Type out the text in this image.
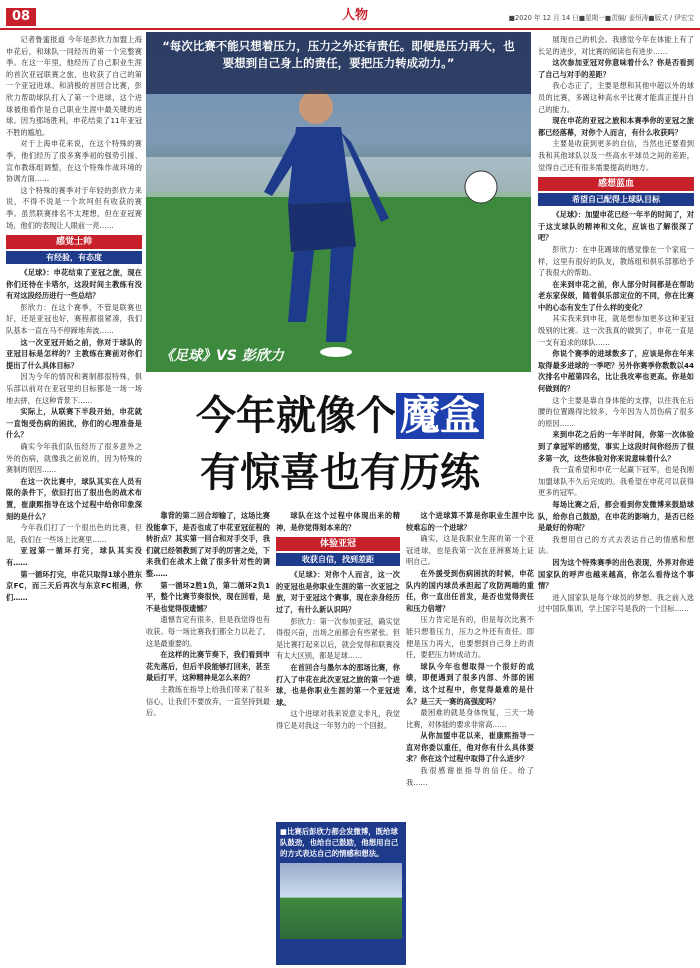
08	人物	■2020 年 12 月 14 日■星期一■责编/ 姜恒涛■版式 / 伊宏宝

记者鲁蜜报道 今年是彭欣力加盟上海申花后，和球队一同经历的第一个完整赛季。在这一年里，他经历了自己职业生涯的首次亚冠联赛之旅，也收获了自己的第一个亚冠进球。和消极的首回合比赛，彭欣力帮助球队打入了第一个进球，这个进球被他看作是自己职业生涯中最关键的进球。因为那场胜利，申花结束了11年亚冠不胜的尴尬。

对于上海申花来说，在这个特殊的赛季，他们经历了很多赛季初的强势引援、宣布教练组调整，在这个特殊作战环境的协调方面……

这个特殊的赛季对于年轻的彭欣力来说，不得不说是一个坎坷但有收获的赛季。虽然联赛排名不太理想，但在亚冠赛场，他们的表现让人眼前一亮……

感觉士帅
有经验，有态度

《足球》：申花结束了亚冠之旅，现在你们还待在卡塔尔，这段时间主教练有没有对这段经历进行一些总结？

彭欣力：在这个赛季，不管是联赛也好，还是亚冠也好，赛程都很紧凑，我们队基本一直在马不停蹄地奔波……

这一次亚冠开始之前，你对于球队的亚冠目标是怎样的？主教练在赛前对你们提出了什么具体目标？

因为今年的情况和赛制都很特殊，俱乐部以前对在亚冠里的目标都是一场一场地去拼，在这种背景下……

实际上，从联赛下半段开始，申花就一直饱受伤病的困扰，你们的心理准备是什么？

确实今年我们队伍经历了很多意外之外的伤病，就像我之前说的，因为特殊的赛制的原因……

在这一次比赛中，球队其实在人员有限的条件下，依旧打出了很出色的战术布置，崔康熙指导在这个过程中给你印象深刻的是什么？

今年我们打了一个很出色的比赛，但是，我们在一些场上比赛里……

亚冠第一循环打完，球队其实没有……

第一循环打完，申花只取得1球小胜东京FC，而三天后再次与东京FC相遇，你们……

“每次比赛不能只想着压力，压力之外还有责任。即便是压力再大，也要想到自己身上的责任，要把压力转成动力。”
《足球》VS 彭欣力
今年就像个 魔盒
有惊喜也有历练

靠背的第二回合却输了，这场比赛没能拿下，是否也成了申花亚冠征程的转折点？其实第一回合和对手交手，我们就已经领教到了对手的厉害之处，下来我们在战术上做了很多针对性的调整……

第一循环2胜1负，第二循环2负1平，整个比赛节奏很快，现在回看，是不是也觉得很遗憾？

遗憾肯定有很多，但是我觉得也有收获。每一场比赛我们都全力以赴了，这是最重要的。

在这样的比赛节奏下，我们看到申花先落后，但后半段能够打回来，甚至最后打平，这种精神是怎么来的？

主教练在指导上给我们带来了很多信心，让我们不要放弃，一直坚持到最后。

球队在这个过程中体现出来的精神，是你觉得刻本来的？

体验亚冠
收获自信，找到差距

《足球》：对你个人而言，这一次的亚冠也是你职业生涯的第一次亚冠之旅，对于亚冠这个赛事，现在亲身经历过了，有什么新认识吗？

彭欣力：第一次参加亚冠，确实觉得很兴奋，出场之前都会有些紧张。但是比赛打起来以后，就会觉得和联赛没有太大区别，都是足球……

在首回合与墨尔本的那场比赛，你打入了申花在此次亚冠之旅的第一个进球，也是你职业生涯的第一个亚冠进球。

这个进球对我来说意义非凡，我觉得它是对我这一年努力的一个回报。

■比赛后彭欣力都会发微博，既给球队鼓劲，也给自己鼓励，他想用自己的方式表达自己的情感和想法。

这个进球算不算是你职业生涯中比较难忘的一个进球？

确实，这是我职业生涯的第一个亚冠进球，也是我第一次在亚洲赛场上证明自己。

在外援受到伤病困扰的时候，申花队内的国内球员承担起了攻防两端的重任，你一直出任首发，是否也觉得责任和压力倍增？

压力肯定是有的，但是每次比赛不能只想着压力，压力之外还有责任。即便是压力再大，也要想到自己身上的责任，要把压力转成动力。

球队今年也想取得一个很好的成绩，即便遇到了很多内部、外部的困难，这个过程中，你觉得最难的是什么？是三天一赛的高强度吗？

最困难的就是身体恢复，三天一场比赛，对体能的要求非常高……

从你加盟申花以来，崔康熙指导一直对你委以重任，他对你有什么具体要求？你在这个过程中取得了什么进步？

我很感谢崔指导的信任。给了我……

展现自己的机会。我感觉今年在体能上有了长足的进步，对比赛的阅读也有进步……

这次参加亚冠对你意味着什么？你是否看到了自己与对手的差距？

我心态正了，主要是想和其他中超以外的球员的比赛，多踢这种高水平比赛才能真正提升自己的能力。

现在申花的亚冠之旅和本赛季你的亚冠之旅都已经落幕，对你个人而言，有什么收获吗？

主要是收获到更多的自信，当然也还要看到我和其他球队以及一些高水平球员之间的差距，觉得自己还有很多需要提高的地方。

感想蓝血
希望自己配得上球队目标

《足球》：加盟申花已经一年半的时间了，对于这支球队的精神和文化，应该也了解很深了吧？

彭欣力：在申花踢球的感觉像在一个家庭一样，这里有很好的队友，教练组和俱乐部都给予了我很大的帮助。

在来到申花之前，你人部分时间都是在帮助老东家保级，随着俱乐部定位的不同，你在比赛中的心态有发生了什么样的变化？

其实我来到申花，就是想参加更多这种亚冠级别的比赛。这一次我真的做到了，申花一直是一支有追求的球队……

你说个赛季的进球数多了，应该是你在年来取得最多进球的一季吧？另外你赛季你数数以44次排名中超第四名，比让我攻率也更高。你是如何做到的？

这个主要是靠自身体能的支撑，以往我在后腰的位置踢得比较多，今年因为人员伤病了很多的原因……

来到申花之后的一年半时间，你第一次体验到了拿冠军的感觉，事实上这段时间你经历了很多第一次，这些体验对你来说意味着什么？

我一直希望和申花一起赢下冠军，也是我刚加盟球队不久后完成的。我希望在申花可以获得更多的冠军。

每场比赛之后，都会看到你发微博来鼓励球队，给你自己鼓励，在申花的影响力，是否已经是最好的你呢？

我想用自己的方式去表达自己的情感和想法。

因为这个特殊赛季的出色表现，外界对你进国家队的呼声也越来越高，你怎么看待这个事情？

进入国家队是每个球员的梦想。我之前入选过中国队集训，学上国字号是我的一个目标……
